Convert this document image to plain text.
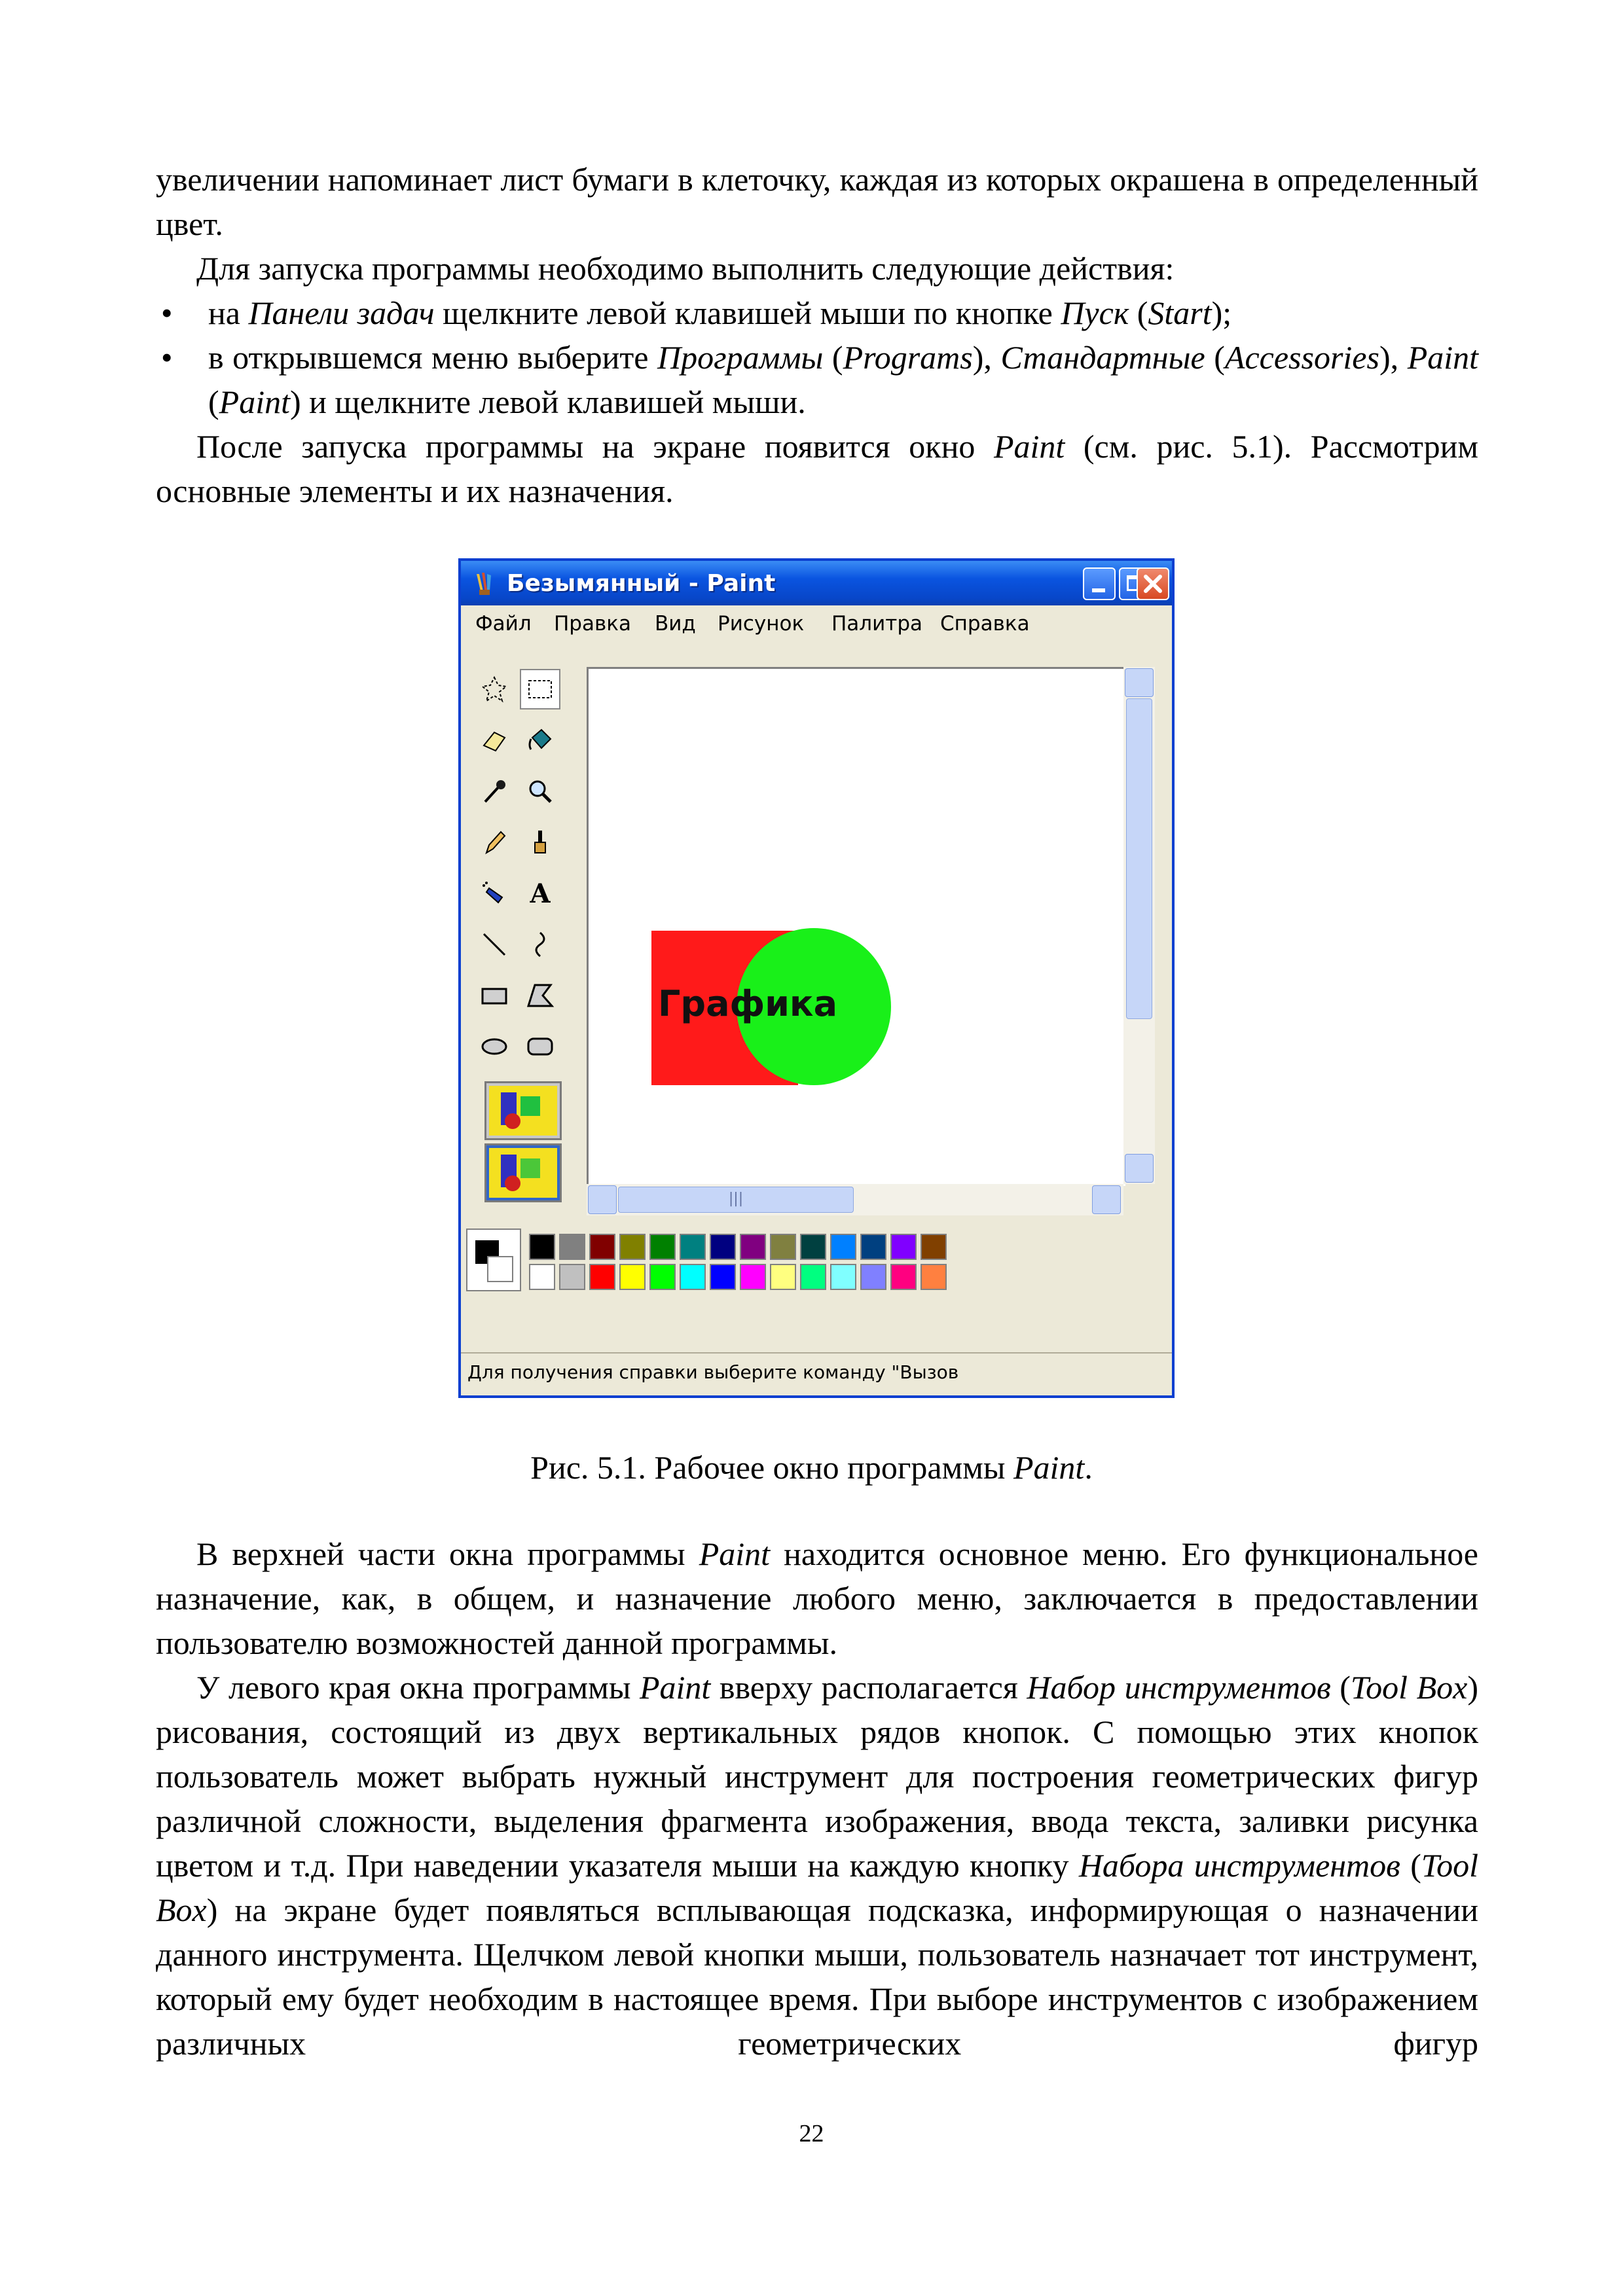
увеличении напоминает лист бумаги в клеточку, каждая из которых окрашена в определенный цвет.

Для запуска программы необходимо выполнить следующие действия:

на Панели задач щелкните левой клавишей мыши по кнопке Пуск (Start);
в открывшемся меню выберите Программы (Programs), Стандартные (Accessories), Paint (Paint) и щелкните левой клавишей мыши.

После запуска программы на экране появится окно Paint (см. рис. 5.1). Рассмотрим основные элементы и их назначения.

Безымянный - Paint
Файл Правка Вид Рисунок Палитра Справка
A
Графика
|||
Для получения справки выберите команду "Вызов
Рис. 5.1. Рабочее окно программы Paint.

В верхней части окна программы Paint находится основное меню. Его функциональное назначение, как, в общем, и назначение любого меню, заключается в предоставлении пользователю возможностей данной программы.

У левого края окна программы Paint вверху располагается Набор инструментов (Tool Box) рисования, состоящий из двух вертикальных рядов кнопок. С помощью этих кнопок пользователь может выбрать нужный инструмент для построения геометрических фигур различной сложности, выделения фрагмента изображения, ввода текста, заливки рисунка цветом и т.д. При наведении указателя мыши на каждую кнопку Набора инструментов (Tool Box) на экране будет появляться всплывающая подсказка, информирующая о назначении данного инструмента. Щелчком левой кнопки мыши, пользователь назначает тот инструмент, который ему будет необходим в настоящее время. При выборе инструментов с изображением различных геометрических фигур

22
